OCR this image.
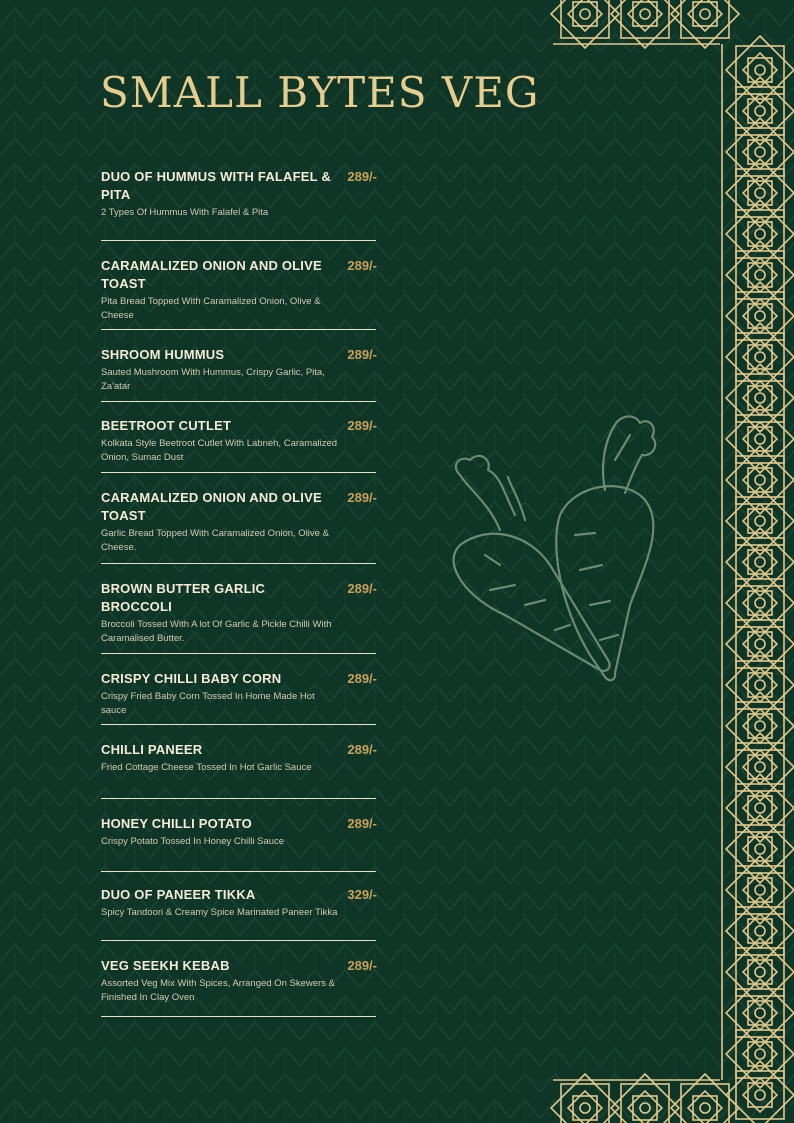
SMALL BYTES VEG
DUO OF HUMMUS WITH FALAFEL & PITA
289/-

2 Types Of Hummus With Falafel & Pita

CARAMALIZED ONION AND OLIVE TOAST
289/-

Pita Bread Topped With Caramalized Onion, Olive & Cheese

SHROOM HUMMUS	289/-

Sauted Mushroom With Hummus, Crispy Garlic, Pita, Za'atar

BEETROOT CUTLET	289/-

Kolkata Style Beetroot Cutlet With Labneh, Caramalized Onion, Sumac Dust

CARAMALIZED ONION AND OLIVE TOAST
289/-

Garlic Bread Topped With Caramalized Onion, Olive & Cheese.

BROWN BUTTER GARLIC BROCCOLI
289/-

Broccoli Tossed With A lot Of Garlic & Pickle Chilli With Caramalised Butter.

CRISPY CHILLI BABY CORN	289/-

Crispy Fried Baby Corn Tossed In Home Made Hot sauce

CHILLI PANEER	289/-

Fried Cottage Cheese Tossed In Hot Garlic Sauce

HONEY CHILLI POTATO	289/-

Crispy Potato Tossed In Honey Chilli Sauce

DUO OF PANEER TIKKA	329/-

Spicy Tandoori & Creamy Spice Marinated Paneer Tikka

VEG SEEKH KEBAB	289/-

Assorted Veg Mix With Spices, Arranged On Skewers & Finished In Clay Oven
